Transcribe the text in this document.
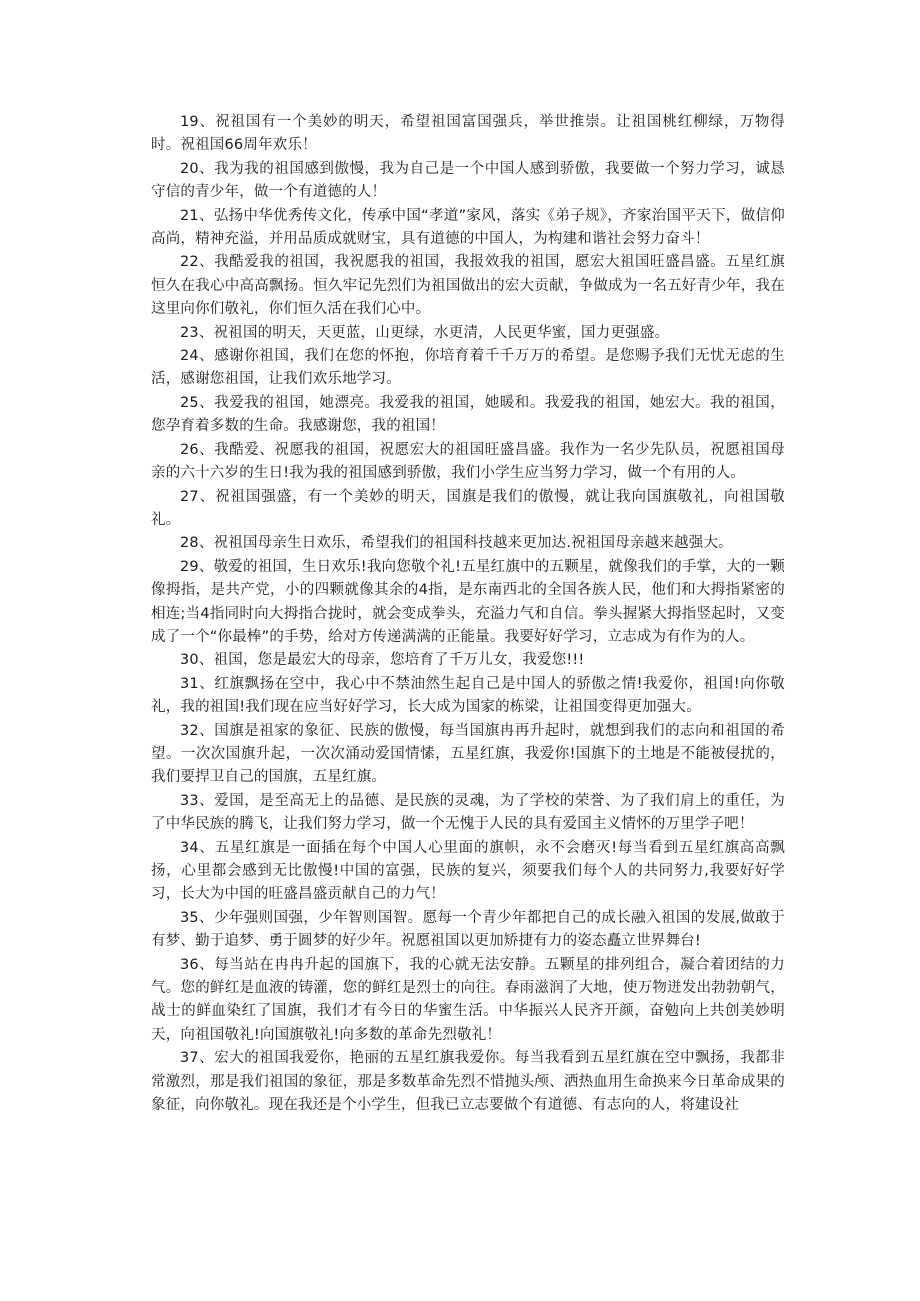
19、祝祖国有一个美妙的明天，希望祖国富国强兵，举世推崇。让祖国桃红柳绿，万物得时。祝祖国66周年欢乐！

20、我为我的祖国感到傲慢，我为自己是一个中国人感到骄傲，我要做一个努力学习，诚恳守信的青少年，做一个有道德的人！

21、弘扬中华优秀传文化，传承中国“孝道”家风，落实《弟子规》，齐家治国平天下，做信仰高尚，精神充溢，并用品质成就财宝，具有道德的中国人，为构建和谐社会努力奋斗！

22、我酷爱我的祖国，我祝愿我的祖国，我报效我的祖国，愿宏大祖国旺盛昌盛。五星红旗恒久在我心中高高飘扬。恒久牢记先烈们为祖国做出的宏大贡献，争做成为一名五好青少年，我在这里向你们敬礼，你们恒久活在我们心中。

23、祝祖国的明天，天更蓝，山更绿，水更清，人民更华蜜，国力更强盛。

24、感谢你祖国，我们在您的怀抱，你培育着千千万万的希望。是您赐予我们无忧无虑的生活，感谢您祖国，让我们欢乐地学习。

25、我爱我的祖国，她漂亮。我爱我的祖国，她暖和。我爱我的祖国，她宏大。我的祖国，您孕育着多数的生命。我感谢您，我的祖国！

26、我酷爱、祝愿我的祖国，祝愿宏大的祖国旺盛昌盛。我作为一名少先队员，祝愿祖国母亲的六十六岁的生日!我为我的祖国感到骄傲，我们小学生应当努力学习，做一个有用的人。

27、祝祖国强盛，有一个美妙的明天，国旗是我们的傲慢，就让我向国旗敬礼，向祖国敬礼。

28、祝祖国母亲生日欢乐，希望我们的祖国科技越来更加达.祝祖国母亲越来越强大。

29、敬爱的祖国，生日欢乐!我向您敬个礼!五星红旗中的五颗星，就像我们的手掌，大的一颗像拇指，是共产党，小的四颗就像其余的4指，是东南西北的全国各族人民，他们和大拇指紧密的相连;当4指同时向大拇指合拢时，就会变成拳头，充溢力气和自信。拳头握紧大拇指竖起时，又变成了一个“你最棒”的手势，给对方传递满满的正能量。我要好好学习，立志成为有作为的人。

30、祖国，您是最宏大的母亲，您培育了千万儿女，我爱您!!!

31、红旗飘扬在空中，我心中不禁油然生起自己是中国人的骄傲之情!我爱你，祖国!向你敬礼，我的祖国!我们现在应当好好学习，长大成为国家的栋梁，让祖国变得更加强大。

32、国旗是祖家的象征、民族的傲慢，每当国旗冉再升起时，就想到我们的志向和祖国的希望。一次次国旗升起，一次次涌动爱国情愫，五星红旗，我爱你!国旗下的土地是不能被侵扰的，我们要捍卫自己的国旗，五星红旗。

33、爱国，是至高无上的品德、是民族的灵魂，为了学校的荣誉、为了我们肩上的重任，为了中华民族的腾飞，让我们努力学习，做一个无愧于人民的具有爱国主义情怀的万里学子吧！

34、五星红旗是一面插在每个中国人心里面的旗帜，永不会磨灭!每当看到五星红旗高高飘扬，心里都会感到无比傲慢!中国的富强，民族的复兴，须要我们每个人的共同努力,我要好好学习，长大为中国的旺盛昌盛贡献自己的力气！

35、少年强则国强，少年智则国智。愿每一个青少年都把自己的成长融入祖国的发展,做敢于有梦、勤于追梦、勇于圆梦的好少年。祝愿祖国以更加矫捷有力的姿态矗立世界舞台!

36、每当站在冉冉升起的国旗下，我的心就无法安静。五颗星的排列组合，凝合着团结的力气。您的鲜红是血液的铸灌，您的鲜红是烈士的向往。春雨滋润了大地，使万物迸发出勃勃朝气，战士的鲜血染红了国旗，我们才有今日的华蜜生活。中华振兴人民齐开颜，奋勉向上共创美妙明天，向祖国敬礼!向国旗敬礼!向多数的革命先烈敬礼！

37、宏大的祖国我爱你，艳丽的五星红旗我爱你。每当我看到五星红旗在空中飘扬，我都非常激烈，那是我们祖国的象征，那是多数革命先烈不惜抛头颅、洒热血用生命换来今日革命成果的象征，向你敬礼。现在我还是个小学生，但我已立志要做个有道德、有志向的人，将建设社
